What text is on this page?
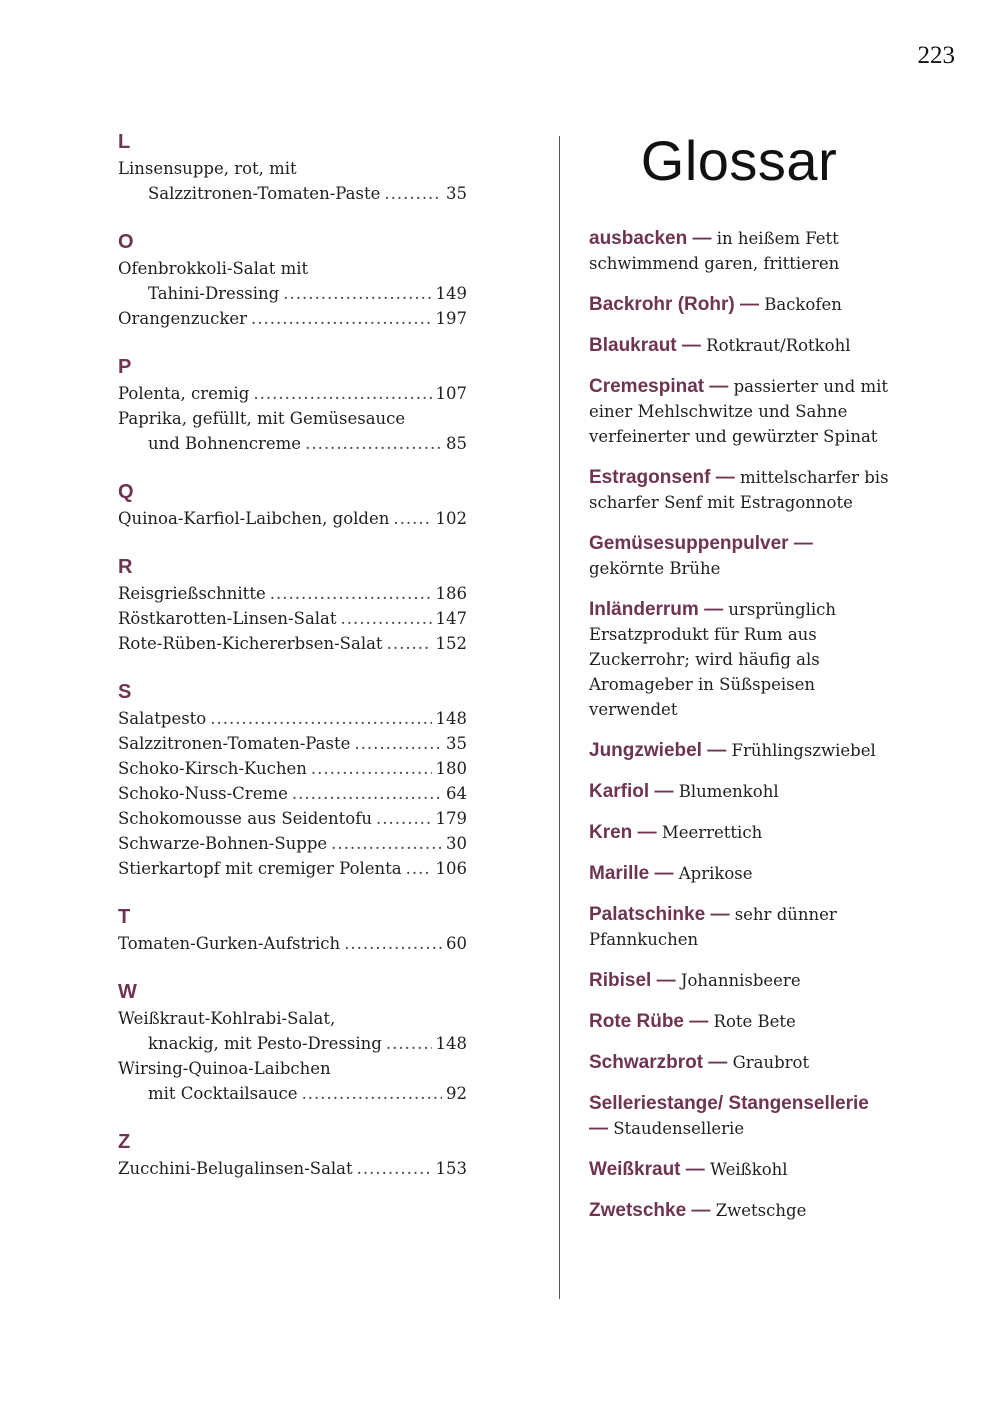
223
L
Linsensuppe, rot, mit
Salzzitronen-Tomaten-Paste .....	35
O
Ofenbrokkoli-Salat mit
Tahini-Dressing .....	149
Orangenzucker .....	197
P
Polenta, cremig .....	107
Paprika, gefüllt, mit Gemüsesauce
und Bohnencreme .....	85
Q
Quinoa-Karfiol-Laibchen, golden .....	102
R
Reisgrießschnitte .....	186
Röstkarotten-Linsen-Salat .....	147
Rote-Rüben-Kichererbsen-Salat .....	152
S
Salatpesto .....	148
Salzzitronen-Tomaten-Paste .....	35
Schoko-Kirsch-Kuchen .....	180
Schoko-Nuss-Creme .....	64
Schokomousse aus Seidentofu .....	179
Schwarze-Bohnen-Suppe .....	30
Stierkartopf mit cremiger Polenta ..... 106
T
Tomaten-Gurken-Aufstrich .....	60
W
Weißkraut-Kohlrabi-Salat,
knackig, mit Pesto-Dressing .....	148
Wirsing-Quinoa-Laibchen
mit Cocktailsauce .....	92
Z
Zucchini-Belugalinsen-Salat .....	153
Glossar
ausbacken — in heißem Fett schwimmend garen, frittieren
Backrohr (Rohr) — Backofen
Blaukraut — Rotkraut/Rotkohl
Cremespinat — passierter und mit einer Mehlschwitze und Sahne verfeinerter und gewürzter Spinat
Estragonsenf — mittelscharfer bis scharfer Senf mit Estragonnote
Gemüsesuppenpulver — gekörnte Brühe
Inländerrum — ursprünglich Ersatzprodukt für Rum aus Zuckerrohr; wird häufig als Aromageber in Süßspeisen verwendet
Jungzwiebel — Frühlingszwiebel
Karfiol — Blumenkohl
Kren — Meerrettich
Marille — Aprikose
Palatschinke — sehr dünner Pfannkuchen
Ribisel — Johannisbeere
Rote Rübe — Rote Bete
Schwarzbrot — Graubrot
Selleriestange/ Stangensellerie — Staudensellerie
Weißkraut — Weißkohl
Zwetschke — Zwetschge
